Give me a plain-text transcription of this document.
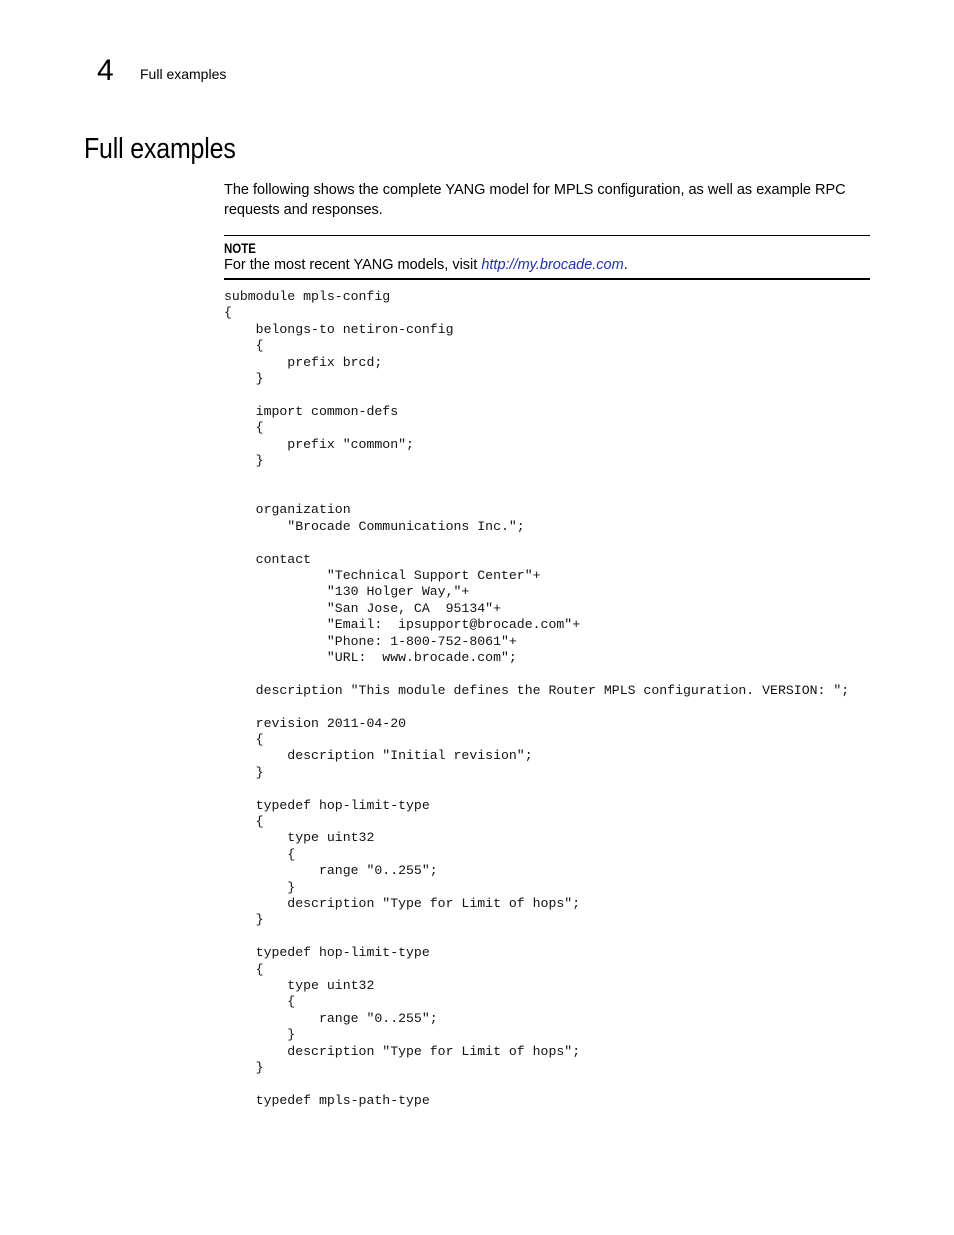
4 Full examples
Full examples

The following shows the complete YANG model for MPLS configuration, as well as example RPC requests and responses.

NOTE
For the most recent YANG models, visit http://my.brocade.com.
submodule mpls-config
{
belongs-to netiron-config
{
prefix brcd;
}

import common-defs
{
prefix "common";
}

organization
"Brocade Communications Inc.";

contact
"Technical Support Center"+
"130 Holger Way,"+
"San Jose, CA  95134"+
"Email:  ipsupport@brocade.com"+
"Phone: 1-800-752-8061"+
"URL:  www.brocade.com";

description "This module defines the Router MPLS configuration. VERSION: ";

revision 2011-04-20
{
description "Initial revision";
}

typedef hop-limit-type
{
type uint32
{
range "0..255";
}
description "Type for Limit of hops";
}

typedef hop-limit-type
{
type uint32
{
range "0..255";
}
description "Type for Limit of hops";
}

typedef mpls-path-type
